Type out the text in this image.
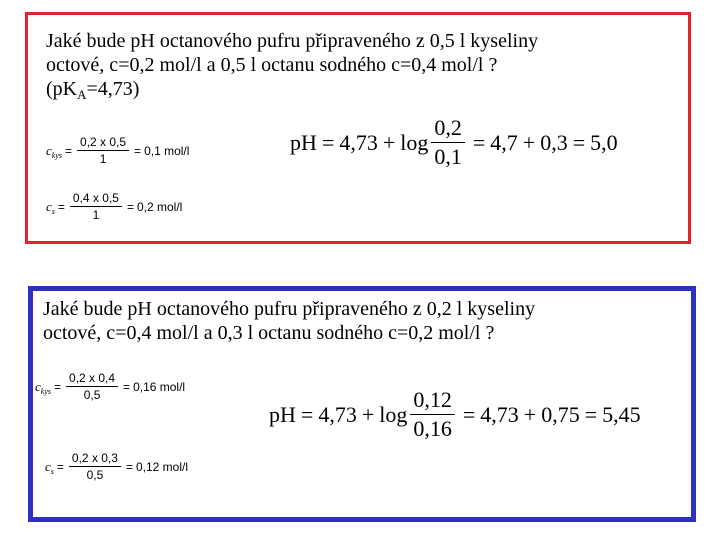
Jaké bude pH octanového pufru připraveného z 0,5 l kyseliny
octové, c=0,2 mol/l a 0,5 l octanu sodného c=0,4 mol/l ?
$(pK_A=4,73)$
$c_{kys} = \frac{0,2 x 0,5}{1} = 0,1$ mol/l
$c_s = \frac{0,4 x 0,5}{1} = 0,2$ mol/l
pH = $4,73 + \log \frac{0,2}{0,1} = 4,7 + 0,3 = 5,0$
Jaké bude pH octanového pufru připraveného z 0,2 l kyseliny
octové, c=0,4 mol/l a 0,3 l octanu sodného c=0,2 mol/l ?
$c_{kys} = \frac{0,2 x 0,4}{0,5} = 0,16$ mol/l
$c_s = \frac{0,2 x 0,3}{0,5} = 0,12$ mol/l
pH = $4,73 + \log \frac{0,12}{0,16} = 4,73 + 0,75 = 5,45$
